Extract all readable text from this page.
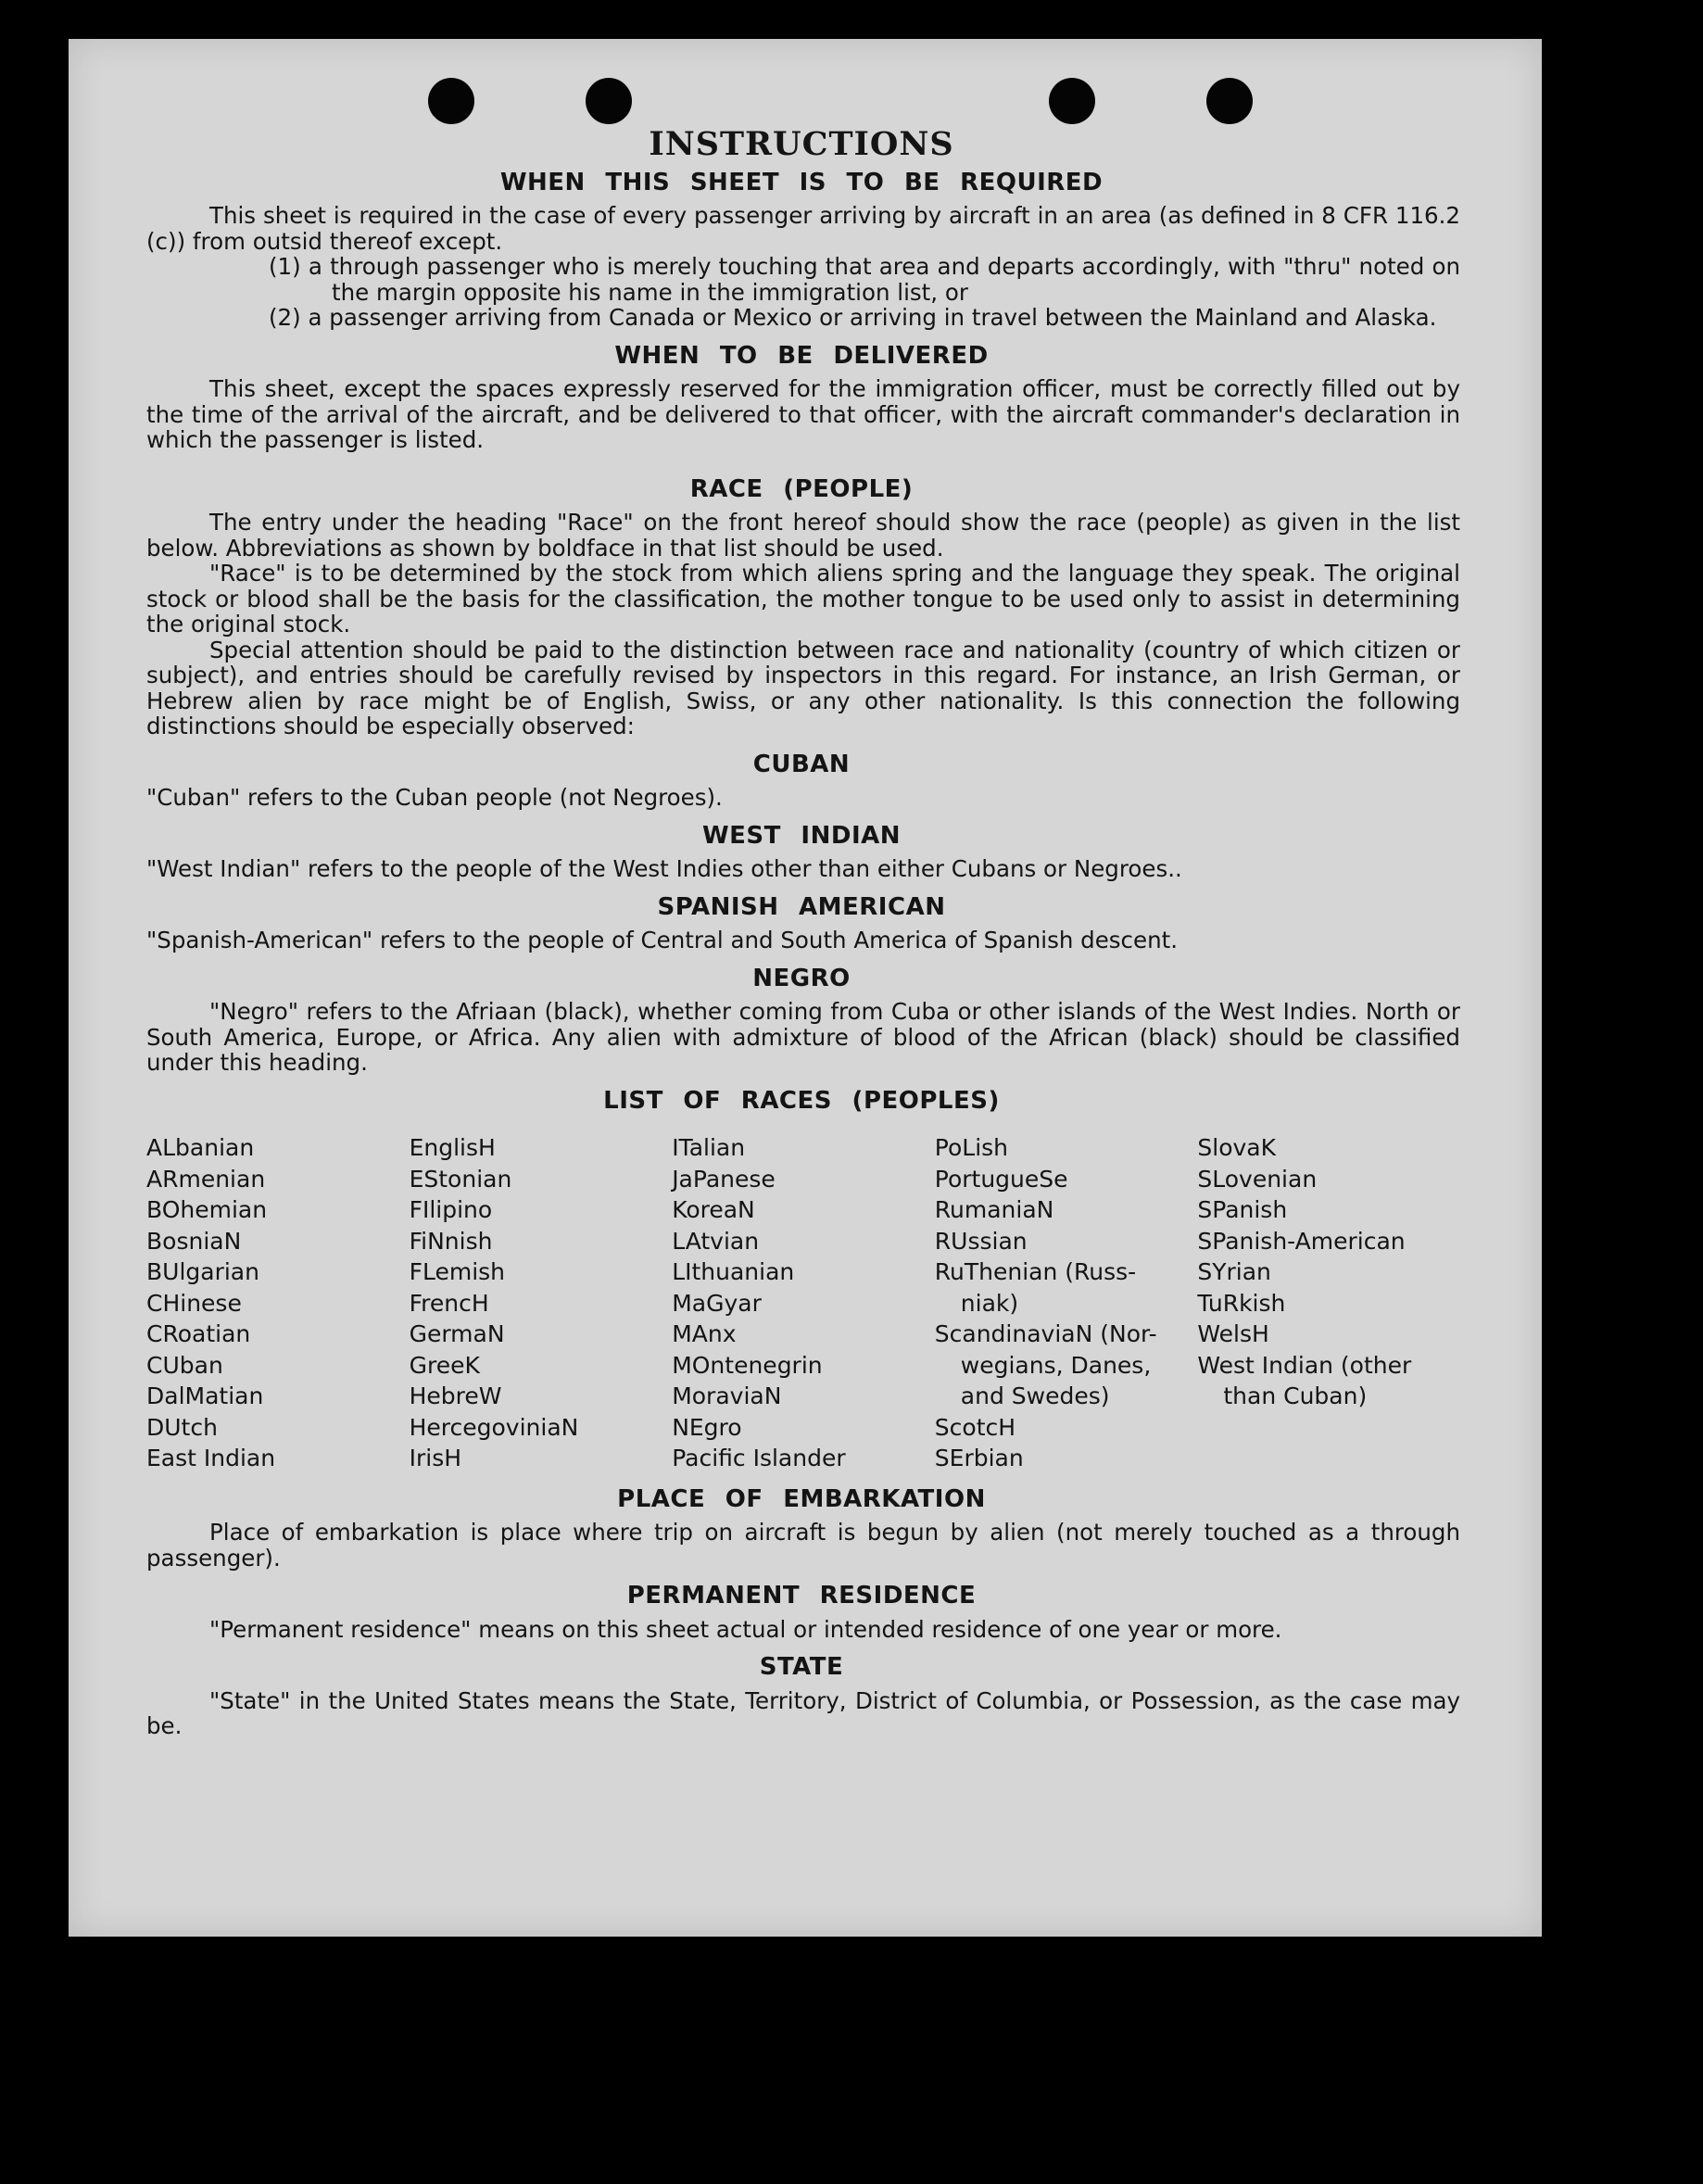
INSTRUCTIONS
WHEN THIS SHEET IS TO BE REQUIRED

This sheet is required in the case of every passenger arriving by aircraft in an area (as defined in 8 CFR 116.2 (c)) from outsid thereof except.

(1) a through passenger who is merely touching that area and departs accordingly, with "thru" noted on the margin opposite his name in the immigration list, or

(2) a passenger arriving from Canada or Mexico or arriving in travel between the Mainland and Alaska.

WHEN TO BE DELIVERED

This sheet, except the spaces expressly reserved for the immigration officer, must be correctly filled out by the time of the arrival of the aircraft, and be delivered to that officer, with the aircraft commander's declaration in which the passenger is listed.

RACE (PEOPLE)

The entry under the heading "Race" on the front hereof should show the race (people) as given in the list below. Abbreviations as shown by boldface in that list should be used.

"Race" is to be determined by the stock from which aliens spring and the language they speak. The original stock or blood shall be the basis for the classification, the mother tongue to be used only to assist in determining the original stock.

Special attention should be paid to the distinction between race and nationality (country of which citizen or subject), and entries should be carefully revised by inspectors in this regard. For instance, an Irish German, or Hebrew alien by race might be of English, Swiss, or any other nationality. Is this connection the following distinctions should be especially observed:

CUBAN

"Cuban" refers to the Cuban people (not Negroes).

WEST INDIAN

"West Indian" refers to the people of the West Indies other than either Cubans or Negroes..

SPANISH AMERICAN

"Spanish-American" refers to the people of Central and South America of Spanish descent.

NEGRO

"Negro" refers to the Afriaan (black), whether coming from Cuba or other islands of the West Indies. North or South America, Europe, or Africa. Any alien with admixture of blood of the African (black) should be classified under this heading.

LIST OF RACES (PEOPLES)
ALbanian
ARmenian
BOhemian
BosniaN
BUlgarian
CHinese
CRoatian
CUban
DalMatian
DUtch
East Indian
EnglisH
EStonian
FIlipino
FiNnish
FLemish
FrencH
GermaN
GreeK
HebreW
HercegoviniaN
IrisH
ITalian
JaPanese
KoreaN
LAtvian
LIthuanian
MaGyar
MAnx
MOntenegrin
MoraviaN
NEgro
Pacific Islander
PoLish
PortugueSe
RumaniaN
RUssian
RuThenian (Russ-
niak)
ScandinaviaN (Nor-
wegians, Danes,
and Swedes)
ScotcH
SErbian
SlovaK
SLovenian
SPanish
SPanish-American
SYrian
TuRkish
WelsH
West Indian (other
than Cuban)
PLACE OF EMBARKATION

Place of embarkation is place where trip on aircraft is begun by alien (not merely touched as a through passenger).

PERMANENT RESIDENCE

"Permanent residence" means on this sheet actual or intended residence of one year or more.

STATE

"State" in the United States means the State, Territory, District of Columbia, or Possession, as the case may be.
